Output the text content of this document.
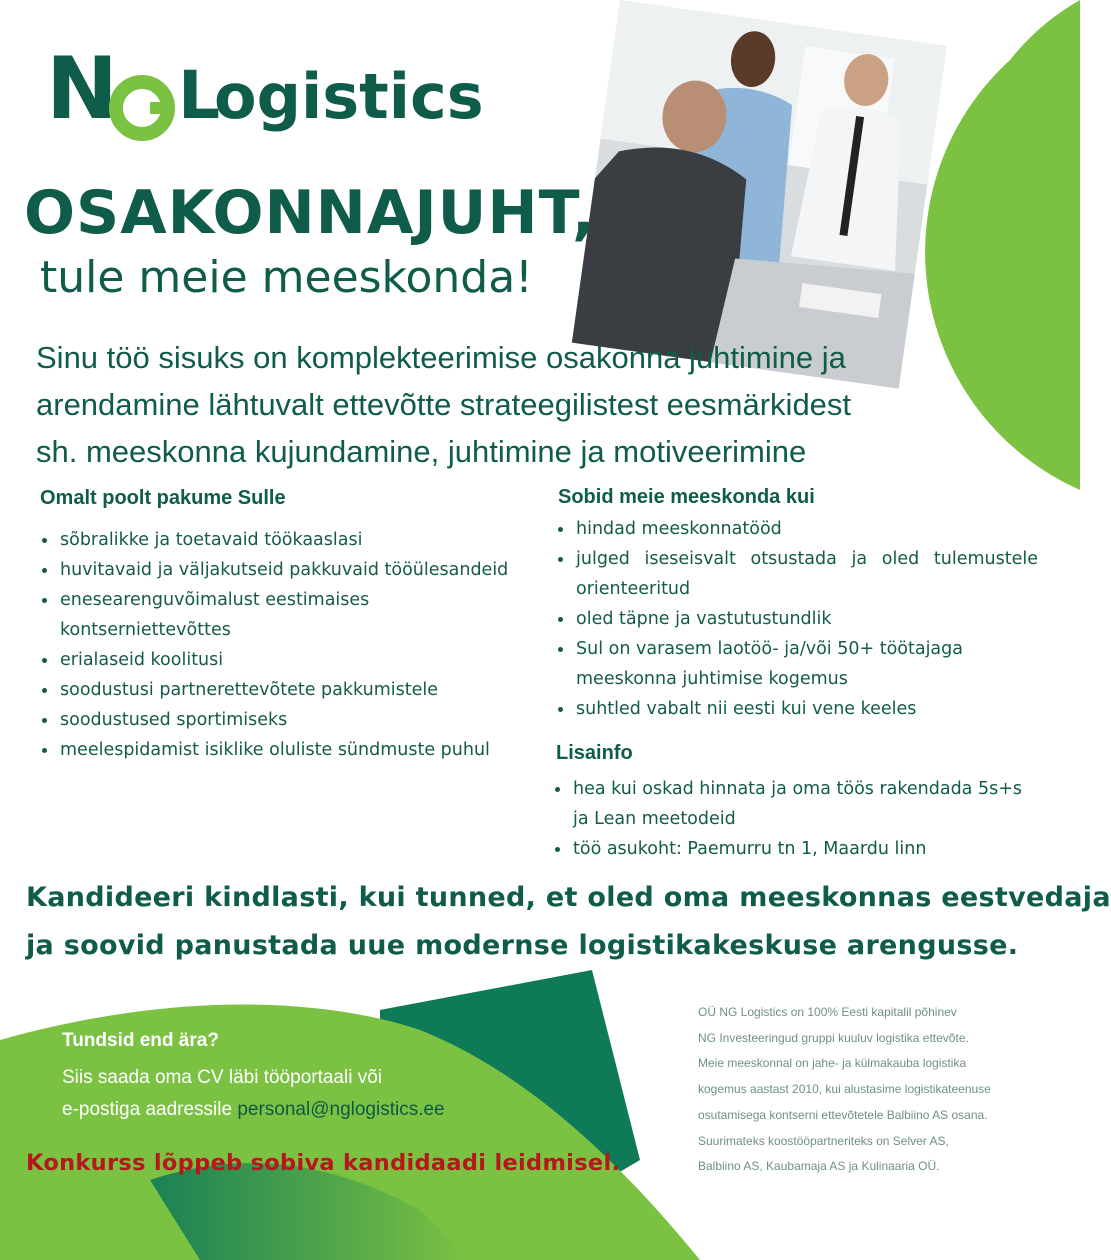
N L
ogistics
OSAKONNAJUHT,
tule meie meeskonda!
Sinu töö sisuks on komplekteerimise osakonna juhtimine ja
arendamine lähtuvalt ettevõtte strateegilistest eesmärkidest
sh. meeskonna kujundamine, juhtimine ja motiveerimine
Omalt poolt pakume Sulle
sõbralikke ja toetavaid töökaaslasi
huvitavaid ja väljakutseid pakkuvaid tööülesandeid
enesearenguvõimalust eestimaises kontserniettevõttes
erialaseid koolitusi
soodustusi partnerettevõtete pakkumistele
soodustused sportimiseks
meelespidamist isiklike oluliste sündmuste puhul
Sobid meie meeskonda kui
hindad meeskonnatööd
julged iseseisvalt otsustada ja oled tulemustele orienteeritud
oled täpne ja vastutustundlik
Sul on varasem laotöö- ja/või 50+ töötajaga meeskonna juhtimise kogemus
suhtled vabalt nii eesti kui vene keeles
Lisainfo
hea kui oskad hinnata ja oma töös rakendada 5s+s ja Lean meetodeid
töö asukoht: Paemurru tn 1, Maardu linn
Kandideeri kindlasti, kui tunned, et oled oma meeskonnas eestvedaja
ja soovid panustada uue modernse logistikakeskuse arengusse.
Tundsid end ära?
Siis saada oma CV läbi tööportaali või
e-postiga aadressile personal@nglogistics.ee
Konkurss lõppeb sobiva kandidaadi leidmisel.
OÜ NG Logistics on 100% Eesti kapitalil põhinev
NG Investeeringud gruppi kuuluv logistika ettevõte.
Meie meeskonnal on jahe- ja külmakauba logistika
kogemus aastast 2010, kui alustasime logistikateenuse
osutamisega kontserni ettevõtetele Balbiino AS osana.
Suurimateks koostööpartneriteks on Selver AS,
Balbiino AS, Kaubamaja AS ja Kulinaaria OÜ.
